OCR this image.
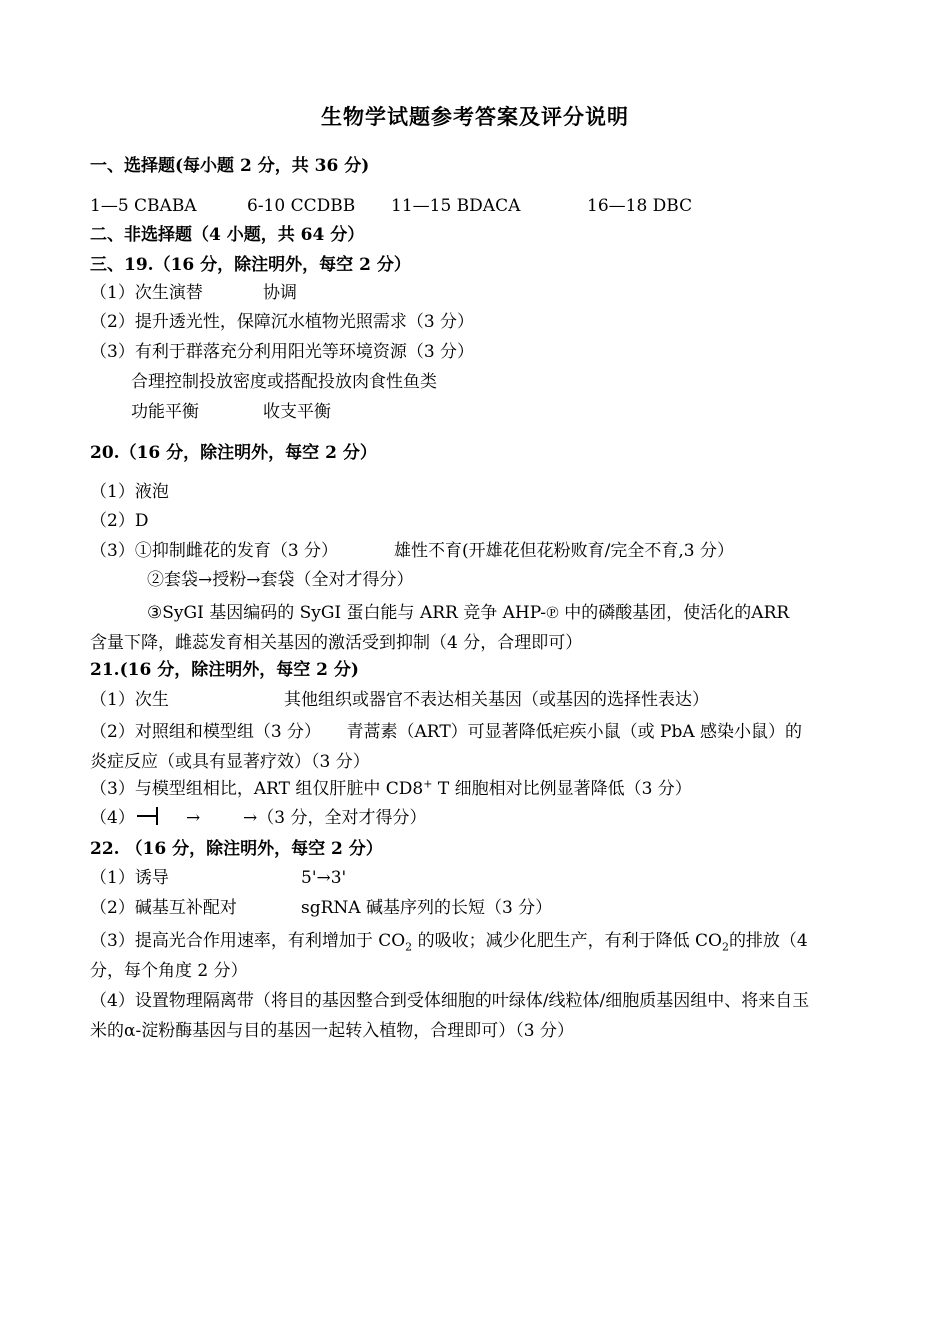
生物学试题参考答案及评分说明
一、选择题(每小题 2 分，共 36 分)
1—5 CBABA	6-10 CCDBB 11—15 BDACA	16—18 DBC
二、非选择题（4 小题，共 64 分）
三、19.（16 分，除注明外，每空 2 分）
（1）次生演替	协调
（2）提升透光性，保障沉水植物光照需求（3 分）
（3）有利于群落充分利用阳光等环境资源（3 分）
合理控制投放密度或搭配投放肉食性鱼类
功能平衡	收支平衡
20.（16 分，除注明外，每空 2 分）
（1）液泡
（2）D
（3）①抑制雌花的发育（3 分）	雄性不育(开雄花但花粉败育/完全不育,3 分）
②套袋→授粉→套袋（全对才得分）
③SyGI 基因编码的 SyGI 蛋白能与 ARR 竞争 AHP-℗ 中的磷酸基团，使活化的ARR 含量下降，雌蕊发育相关基因的激活受到抑制（4 分，合理即可）
21.(16 分，除注明外，每空 2 分)
（1）次生	其他组织或器官不表达相关基因（或基因的选择性表达）
（2）对照组和模型组（3 分）　　青蒿素（ART）可显著降低疟疾小鼠（或 PbA 感染小鼠）的炎症反应（或具有显著疗效）（3 分）
（3）与模型组相比，ART 组仅肝脏中 CD8+ T 细胞相对比例显著降低（3 分）
（4）	→	→（3 分，全对才得分）
22. （16 分，除注明外，每空 2 分）
（1）诱导	5'→3'
（2）碱基互补配对	sgRNA 碱基序列的长短（3 分）
（3）提高光合作用速率，有利增加于 $CO_2$ 的吸收；减少化肥生产，有利于降低 $CO_2$的排放（4 分，每个角度 2 分）
（4）设置物理隔离带（将目的基因整合到受体细胞的叶绿体/线粒体/细胞质基因组中、将来自玉米的α-淀粉酶基因与目的基因一起转入植物，合理即可）（3 分）
